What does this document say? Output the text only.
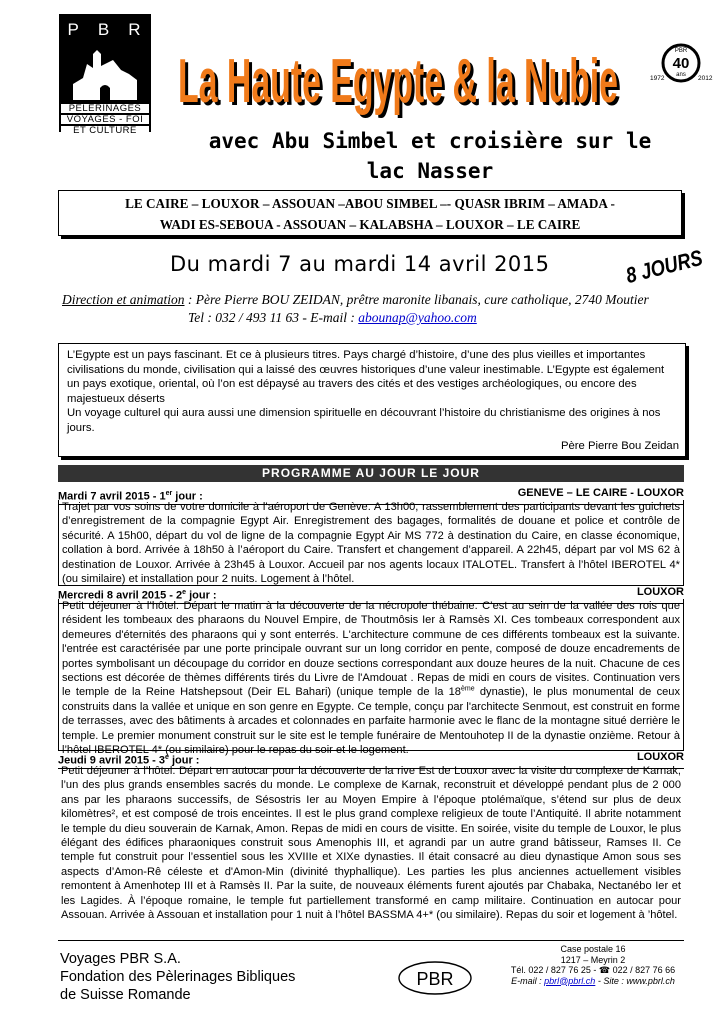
P B R
PÉLERINAGES
VOYAGES - FOI
ET CULTURE
La Haute Egypte & la Nubie
La Haute Egypte & la Nubie	PBR
40
ans
1972	2012
avec Abu Simbel et croisière sur le
lac Nasser
LE CAIRE – LOUXOR – ASSOUAN –ABOU SIMBEL –- QUASR IBRIM – AMADA -
WADI ES-SEBOUA - ASSOUAN – KALABSHA – LOUXOR – LE CAIRE
Du mardi 7 au mardi 14 avril 2015	8 JOURS
Direction et animation : Père Pierre BOU ZEIDAN, prêtre maronite libanais, cure catholique, 2740 Moutier
Tel : 032 / 493 11 63 - E-mail : abounap@yahoo.com

L’Egypte est un pays fascinant. Et ce à plusieurs titres. Pays chargé d’histoire, d’une des plus vieilles et importantes civilisations du monde, civilisation qui a laissé des œuvres historiques d’une valeur inestimable. L’Egypte est également un pays exotique, oriental, où l’on est dépaysé au travers des cités et des vestiges archéologiques, ou encore des majestueux déserts

Un voyage culturel qui aura aussi une dimension spirituelle en découvrant l’histoire du christianisme des origines à nos jours.

Père Pierre Bou Zeidan
PROGRAMME AU JOUR LE JOUR
Mardi 7 avril 2015 - 1er jour :	GENEVE – LE CAIRE - LOUXOR
Trajet par vos soins de votre domicile à l’aéroport de Genève. A 13h00, rassemblement des participants devant les guichets d’enregistrement de la compagnie Egypt Air. Enregistrement des bagages, formalités de douane et police et contrôle de sécurité. A 15h00, départ du vol de ligne de la compagnie Egypt Air MS 772 à destination du Caire, en classe économique, collation à bord. Arrivée à 18h50 à l’aéroport du Caire. Transfert et changement d’appareil. A 22h45, départ par vol MS 62 à destination de Louxor. Arrivée à 23h45 à Louxor. Accueil par nos agents locaux ITALOTEL. Transfert à l’hôtel IBEROTEL 4* (ou similaire) et installation pour 2 nuits. Logement à l’hôtel.
Mercredi 8 avril 2015 - 2e jour :	LOUXOR
Petit déjeuner à l’hôtel. Départ le matin à la découverte de la nécropole thébaine. C’est au sein de la vallée des rois que résident les tombeaux des pharaons du Nouvel Empire, de Thoutmôsis Ier à Ramsès XI. Ces tombeaux correspondent aux demeures d'éternités des pharaons qui y sont enterrés. L'architecture commune de ces différents tombeaux est la suivante. l'entrée est caractérisée par une porte principale ouvrant sur un long corridor en pente, composé de douze encadrements de portes symbolisant un découpage du corridor en douze sections correspondant aux douze heures de la nuit. Chacune de ces sections est décorée de thèmes différents tirés du Livre de l'Amdouat . Repas de midi en cours de visites. Continuation vers le temple de la Reine Hatshepsout (Deir EL Bahari) (unique temple de la 18ème dynastie), le plus monumental de ceux construits dans la vallée et unique en son genre en Egypte. Ce temple, conçu par l'architecte Senmout, est construit en forme de terrasses, avec des bâtiments à arcades et colonnades en parfaite harmonie avec le flanc de la montagne situé derrière le temple. Le premier monument construit sur le site est le temple funéraire de Mentouhotep II de la dynastie onzième. Retour à l’hôtel IBEROTEL 4* (ou similaire) pour le repas du soir et le logement.
Jeudi 9 avril 2015 - 3e jour :	LOUXOR
Petit déjeuner à l’hôtel. Départ en autocar pour la découverte de la rive Est de Louxor avec la visite du complexe de Karnak, l’un des plus grands ensembles sacrés du monde. Le complexe de Karnak, reconstruit et développé pendant plus de 2 000 ans par les pharaons successifs, de Sésostris Ier au Moyen Empire à l’époque ptolémaïque, s’étend sur plus de deux kilomètres², et est composé de trois enceintes. Il est le plus grand complexe religieux de toute l’Antiquité. Il abrite notamment le temple du dieu souverain de Karnak, Amon. Repas de midi en cours de visitte. En soirée, visite du temple de Louxor, le plus élégant des édifices pharaoniques construit sous Amenophis III, et agrandi par un autre grand bâtisseur, Ramses II. Ce temple fut construit pour l’essentiel sous les XVIIIe et XIXe dynasties. Il était consacré au dieu dynastique Amon sous ses aspects d’Amon-Rê céleste et d'Amon-Min (divinité thyphallique). Les parties les plus anciennes actuellement visibles remontent à Amenhotep III et à Ramsès II. Par la suite, de nouveaux éléments furent ajoutés par Chabaka, Nectanébo Ier et les Lagides. À l’époque romaine, le temple fut partiellement transformé en camp militaire. Continuation en autocar pour Assouan. Arrivée à Assouan et installation pour 1 nuit à l’hôtel BASSMA 4+* (ou similaire). Repas du soir et logement à ’hôtel.
Voyages PBR S.A.
Fondation des Pèlerinages Bibliques
de Suisse Romande
PBR
Case postale 16
1217 – Meyrin 2
Tél. 022 / 827 76 25 - ☎ 022 / 827 76 66
E-mail : pbrl@pbrl.ch - Site : www.pbrl.ch
